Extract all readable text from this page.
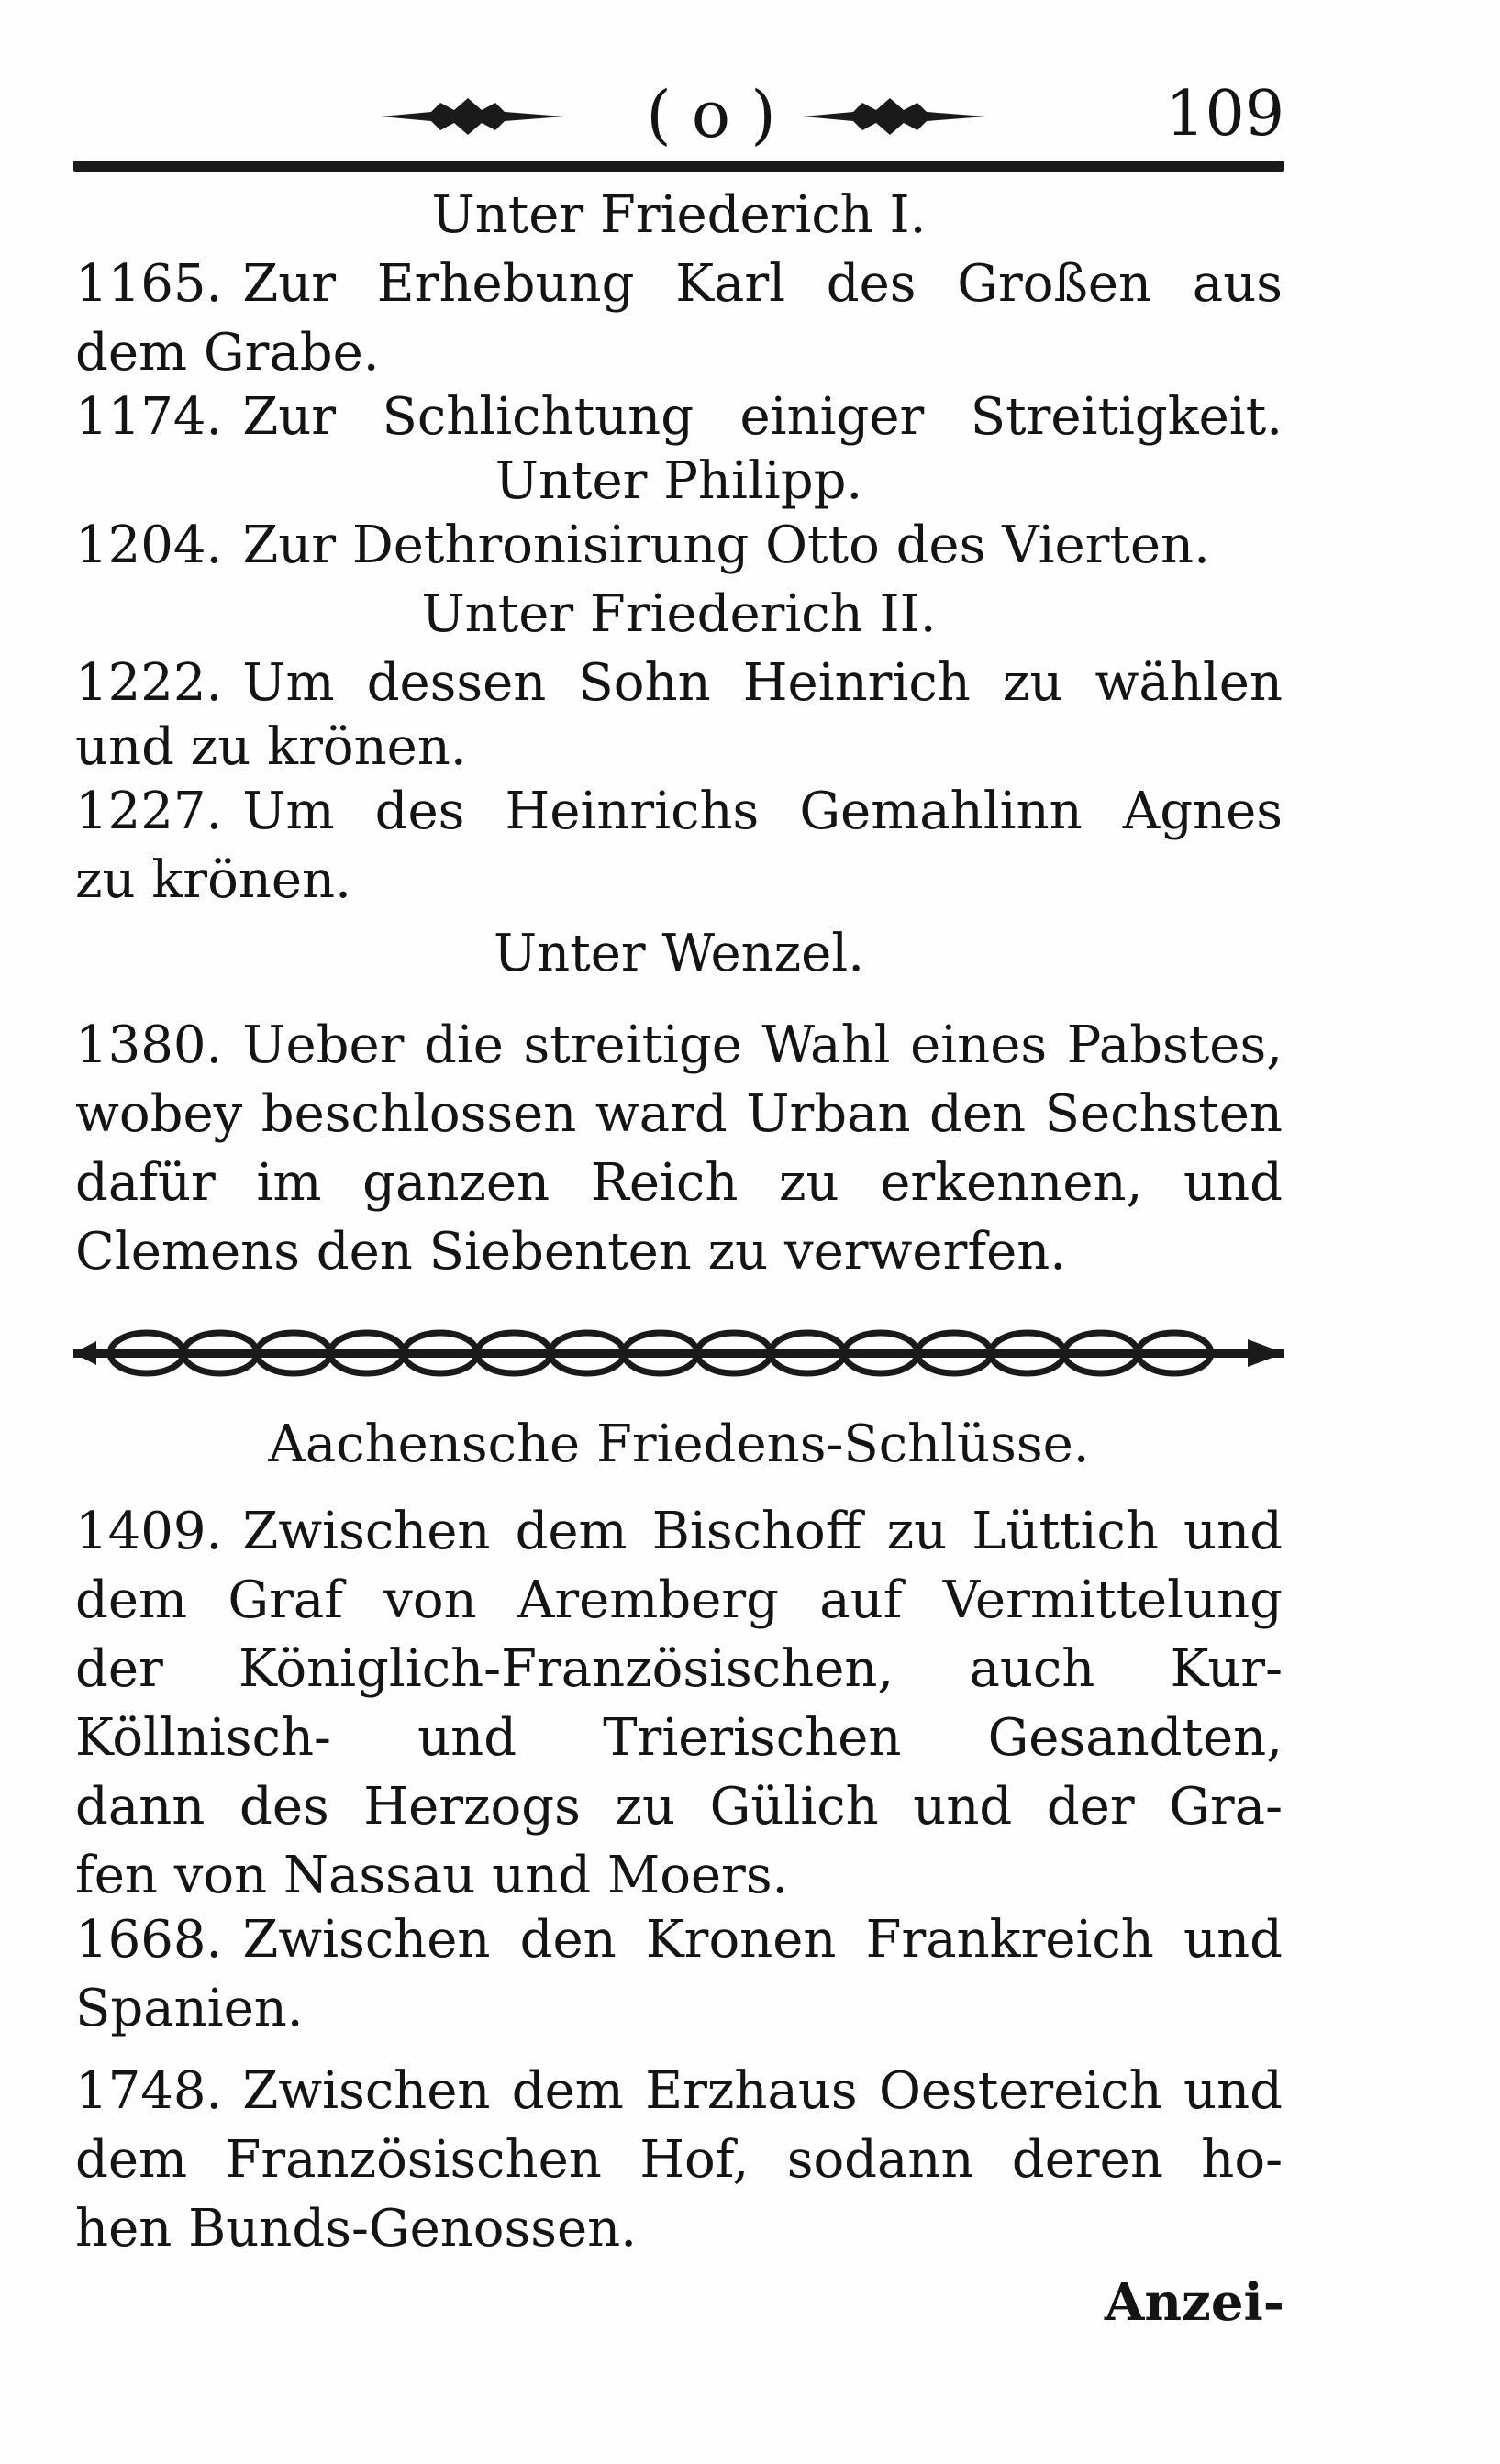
( o )	109
Unter Friederich I.
1165. Zur Erhebung Karl des Großen aus
dem Grabe.
1174. Zur Schlichtung einiger Streitigkeit.
Unter Philipp.
1204. Zur Dethronisirung Otto des Vierten.
Unter Friederich II.
1222. Um dessen Sohn Heinrich zu wählen
und zu krönen.
1227. Um des Heinrichs Gemahlinn Agnes
zu krönen.
Unter Wenzel.
1380. Ueber die streitige Wahl eines Pabstes,
wobey beschlossen ward Urban den Sechsten
dafür im ganzen Reich zu erkennen, und
Clemens den Siebenten zu verwerfen.
Aachensche Friedens-Schlüsse.
1409. Zwischen dem Bischoff zu Lüttich und
dem Graf von Aremberg auf Vermittelung
der Königlich-Französischen, auch Kur-
Köllnisch- und Trierischen Gesandten,
dann des Herzogs zu Gülich und der Gra-
fen von Nassau und Moers.
1668. Zwischen den Kronen Frankreich und
Spanien.
1748. Zwischen dem Erzhaus Oestereich und
dem Französischen Hof, sodann deren ho-
hen Bunds-Genossen.
Anzei-
